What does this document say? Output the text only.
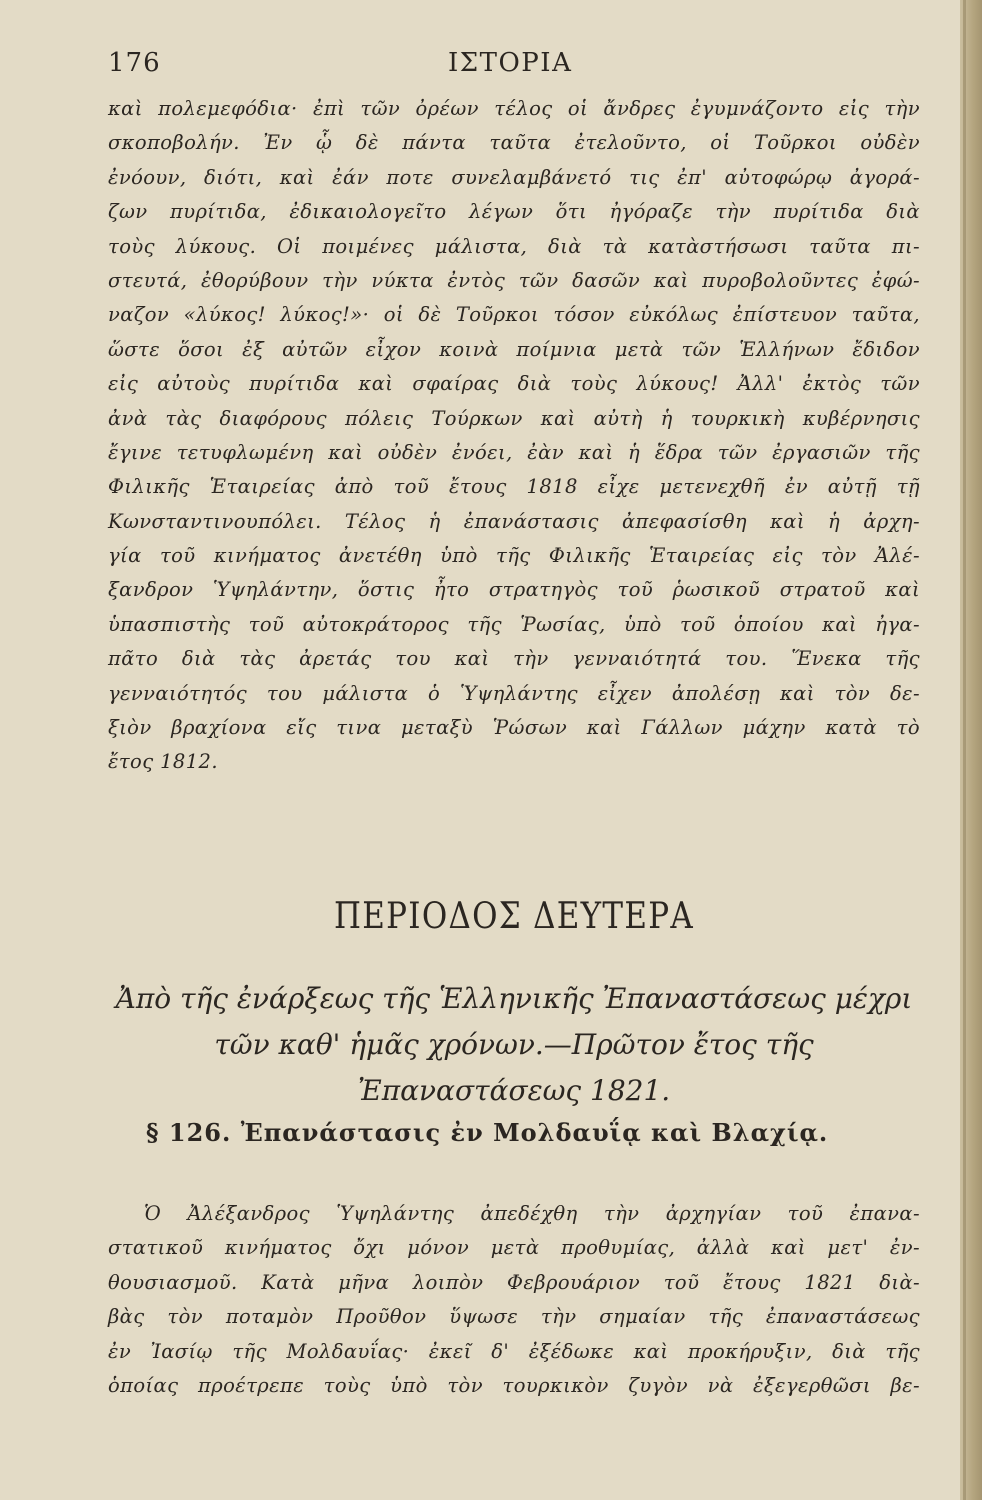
176	ΙΣΤΟΡΙΑ
καὶ πολεμεφόδια· ἐπὶ τῶν ὀρέων τέλος οἱ ἄνδρες ἐγυμνάζοντο εἰς τὴν
σκοποβολήν. Ἐν ᾧ δὲ πάντα ταῦτα ἐτελοῦντο, οἱ Τοῦρκοι οὐδὲν
ἐνόουν, διότι, καὶ ἐάν ποτε συνελαμβάνετό τις ἐπ' αὐτοφώρῳ ἀγορά-
ζων πυρίτιδα, ἐδικαιολογεῖτο λέγων ὅτι ἠγόραζε τὴν πυρίτιδα διὰ
τοὺς λύκους. Οἱ ποιμένες μάλιστα, διὰ τὰ κατὰστήσωσι ταῦτα πι-
στευτά, ἐθορύβουν τὴν νύκτα ἐντὸς τῶν δασῶν καὶ πυροβολοῦντες ἐφώ-
ναζον «λύκος! λύκος!»· οἱ δὲ Τοῦρκοι τόσον εὐκόλως ἐπίστευον ταῦτα,
ὥστε ὅσοι ἐξ αὐτῶν εἶχον κοινὰ ποίμνια μετὰ τῶν Ἑλλήνων ἔδιδον
εἰς αὐτοὺς πυρίτιδα καὶ σφαίρας διὰ τοὺς λύκους! Ἀλλ' ἐκτὸς τῶν
ἀνὰ τὰς διαφόρους πόλεις Τούρκων καὶ αὐτὴ ἡ τουρκικὴ κυβέρνησις
ἔγινε τετυφλωμένη καὶ οὐδὲν ἐνόει, ἐὰν καὶ ἡ ἕδρα τῶν ἐργασιῶν τῆς
Φιλικῆς Ἑταιρείας ἀπὸ τοῦ ἔτους 1818 εἶχε μετενεχθῆ ἐν αὐτῇ τῇ
Κωνσταντινουπόλει. Τέλος ἡ ἐπανάστασις ἀπεφασίσθη καὶ ἡ ἀρχη-
γία τοῦ κινήματος ἀνετέθη ὑπὸ τῆς Φιλικῆς Ἑταιρείας εἰς τὸν Ἀλέ-
ξανδρον Ὑψηλάντην, ὅστις ἦτο στρατηγὸς τοῦ ῥωσικοῦ στρατοῦ καὶ
ὑπασπιστὴς τοῦ αὐτοκράτορος τῆς Ῥωσίας, ὑπὸ τοῦ ὁποίου καὶ ἠγα-
πᾶτο διὰ τὰς ἀρετάς του καὶ τὴν γενναιότητά του. Ἕνεκα τῆς
γενναιότητός του μάλιστα ὁ Ὑψηλάντης εἶχεν ἀπολέσῃ καὶ τὸν δε-
ξιὸν βραχίονα εἴς τινα μεταξὺ Ῥώσων καὶ Γάλλων μάχην κατὰ τὸ
ἔτος 1812.
ΠΕΡΙΟΔΟΣ ΔΕΥΤΕΡΑ
Ἀπὸ τῆς ἐνάρξεως τῆς Ἑλληνικῆς Ἐπαναστάσεως μέχρι
τῶν καθ' ἡμᾶς χρόνων.—Πρῶτον ἔτος τῆς
Ἐπαναστάσεως 1821.
§ 126. Ἐπανάστασις ἐν Μολδαυΐᾳ καὶ Βλαχίᾳ.
Ὁ Ἀλέξανδρος Ὑψηλάντης ἀπεδέχθη τὴν ἀρχηγίαν τοῦ ἐπανα-
στατικοῦ κινήματος ὄχι μόνον μετὰ προθυμίας, ἀλλὰ καὶ μετ' ἐν-
θουσιασμοῦ. Κατὰ μῆνα λοιπὸν Φεβρουάριον τοῦ ἔτους 1821 διὰ-
βὰς τὸν ποταμὸν Προῦθον ὕψωσε τὴν σημαίαν τῆς ἐπαναστάσεως
ἐν Ἰασίῳ τῆς Μολδαυΐας· ἐκεῖ δ' ἐξέδωκε καὶ προκήρυξιν, διὰ τῆς
ὁποίας προέτρεπε τοὺς ὑπὸ τὸν τουρκικὸν ζυγὸν νὰ ἐξεγερθῶσι βε-
